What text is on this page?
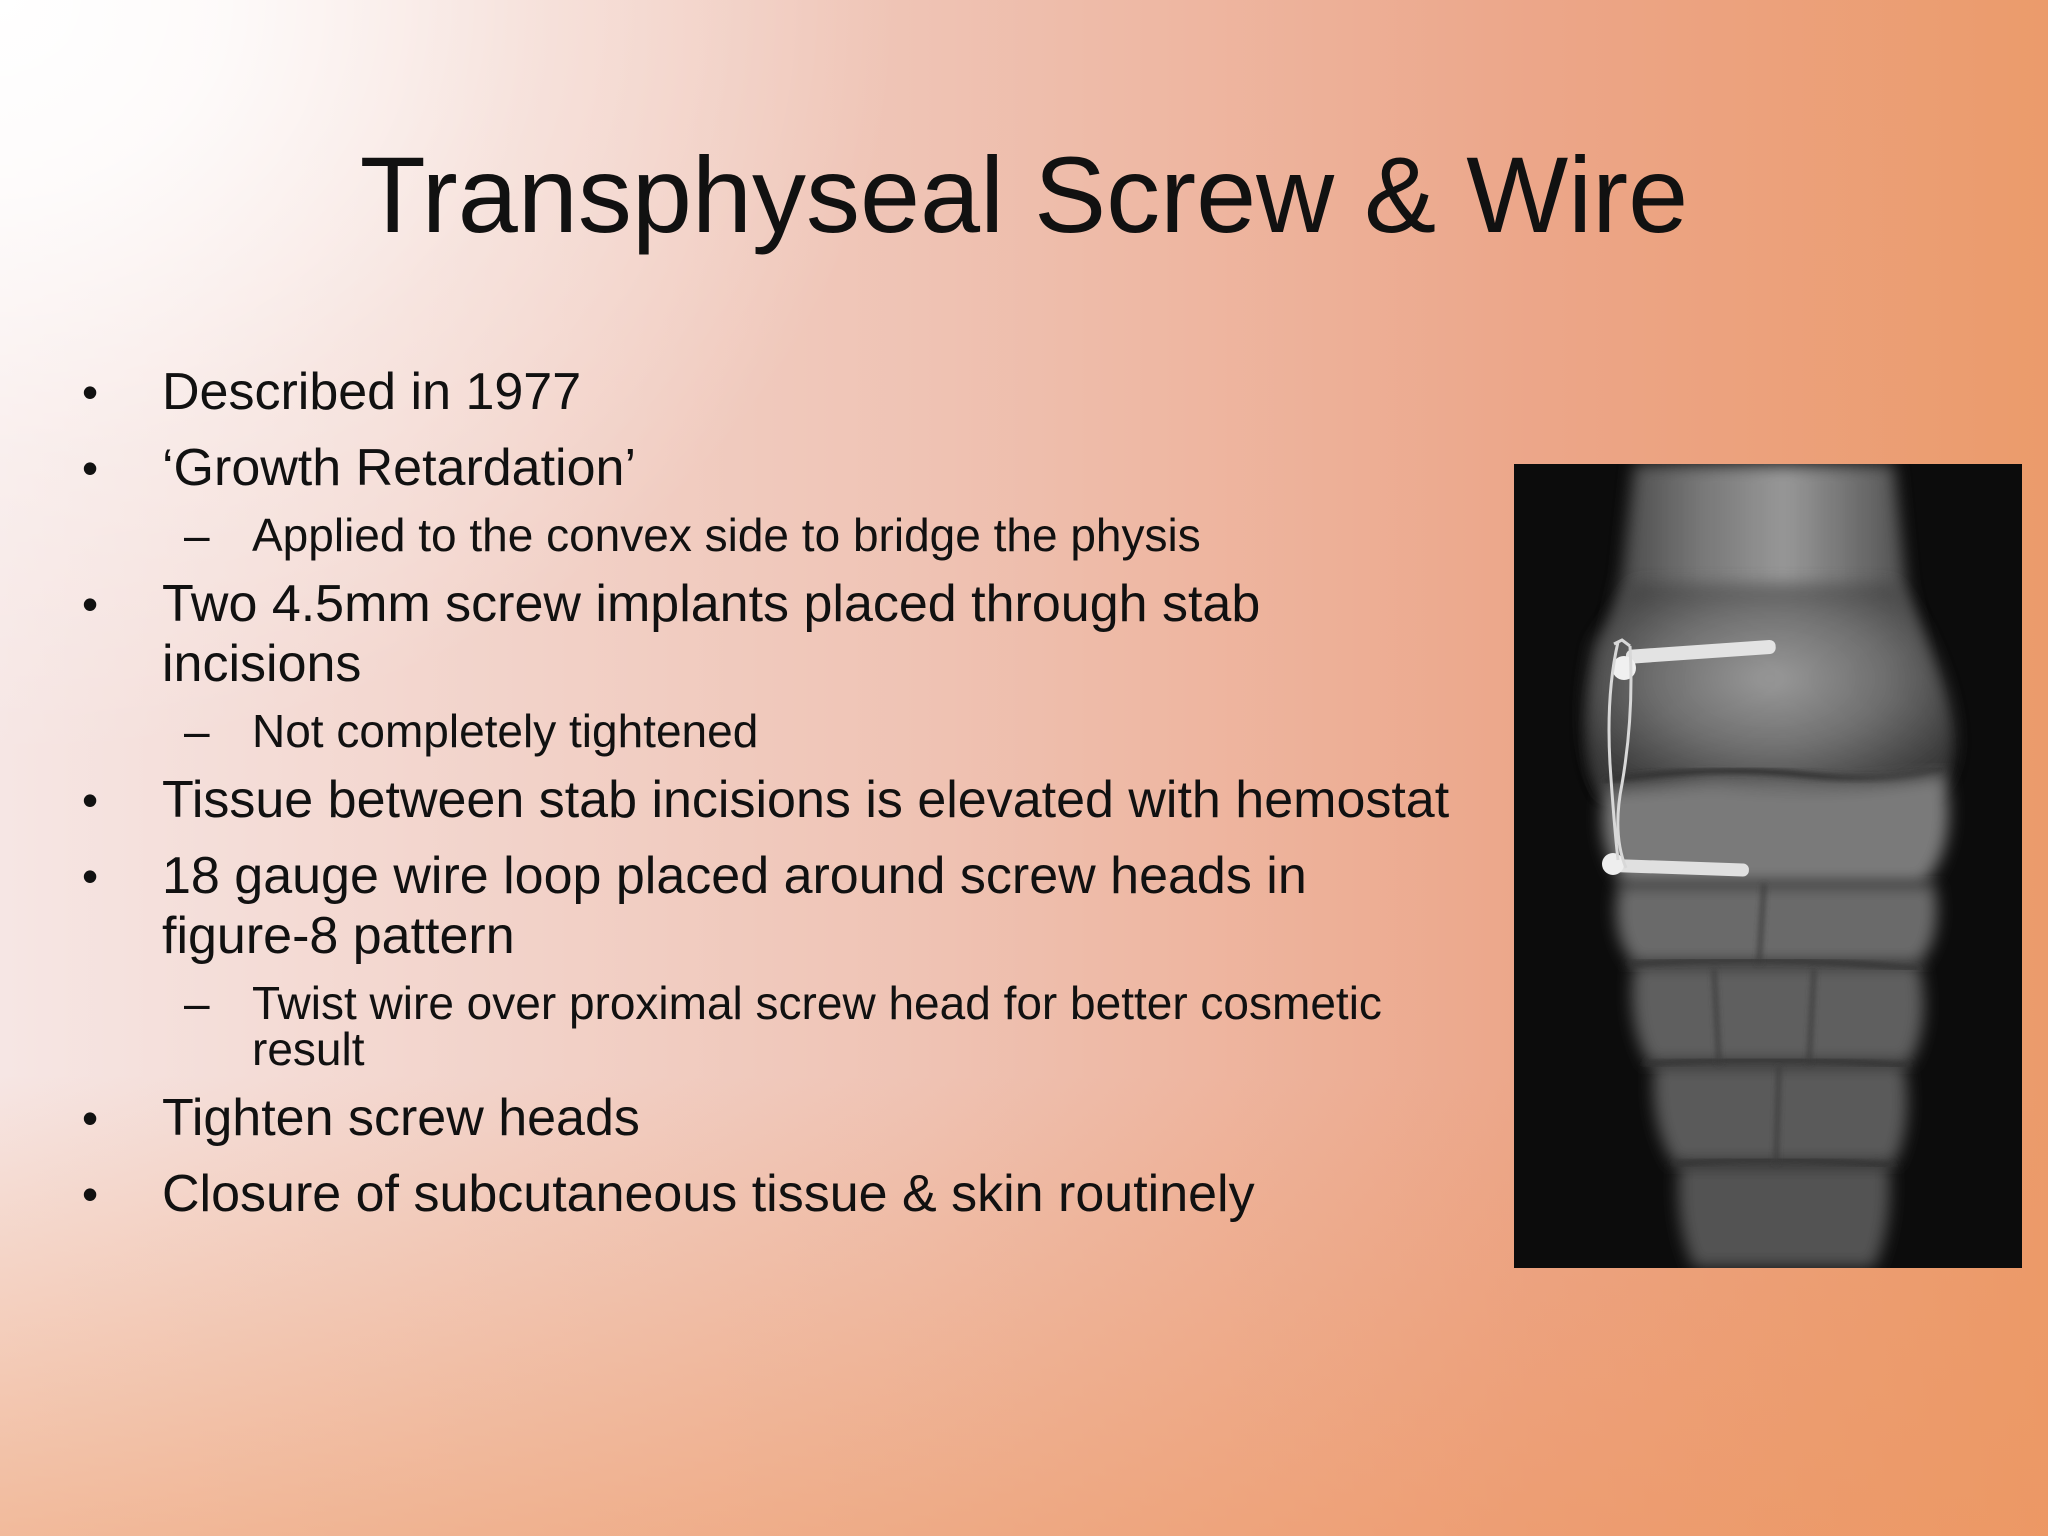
Transphyseal Screw & Wire
• Described in 1977
• ‘Growth Retardation’
– Applied to the convex side to bridge the physis
• Two 4.5mm screw implants placed through stab incisions
– Not completely tightened
• Tissue between stab incisions is elevated with hemostat
• 18 gauge wire loop placed around screw heads in figure-8 pattern
– Twist wire over proximal screw head for better cosmetic result
• Tighten screw heads
• Closure of subcutaneous tissue & skin routinely
